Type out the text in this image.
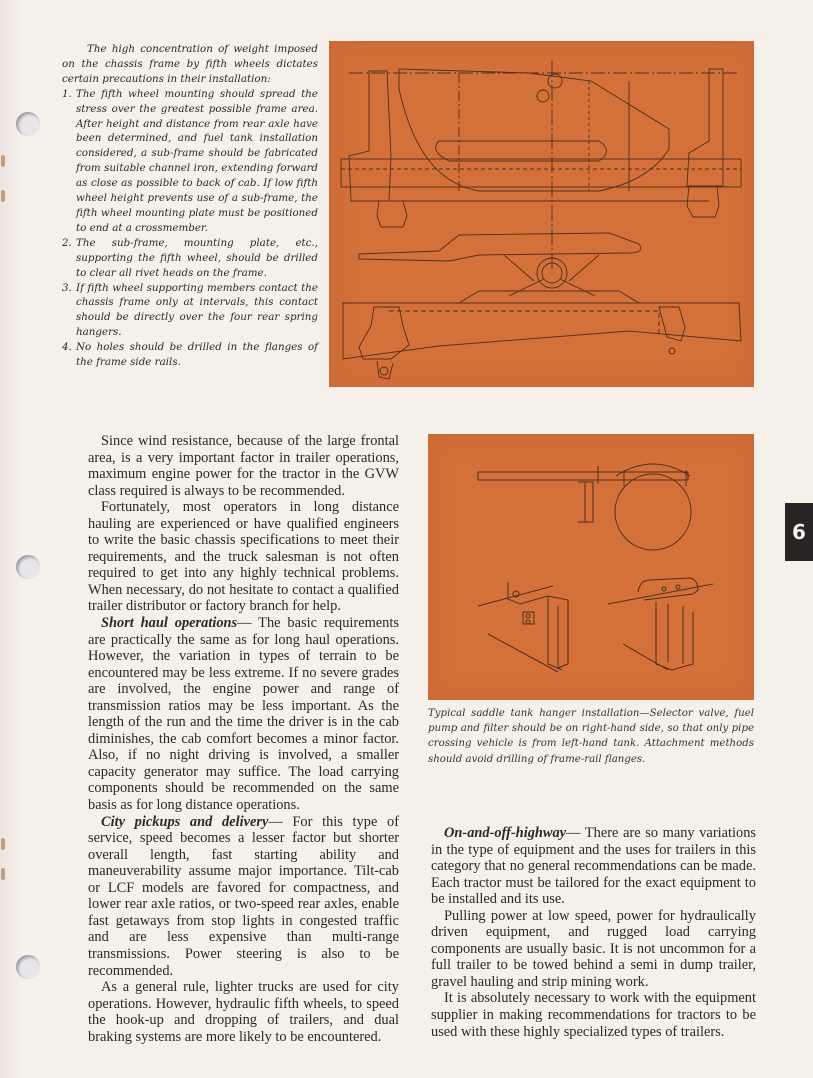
The high concentration of weight imposed on the chassis frame by fifth wheels dictates certain precautions in their installation:

1. The fifth wheel mounting should spread the stress over the greatest possible frame area. After height and distance from rear axle have been determined, and fuel tank installation considered, a sub-frame should be fabricated from suitable channel iron, extending forward as close as possible to back of cab. If low fifth wheel height prevents use of a sub-frame, the fifth wheel mounting plate must be positioned to end at a crossmember.
2. The sub-frame, mounting plate, etc., supporting the fifth wheel, should be drilled to clear all rivet heads on the frame.
3. If fifth wheel supporting members contact the chassis frame only at intervals, this contact should be directly over the four rear spring hangers.
4. No holes should be drilled in the flanges of the frame side rails.
Typical saddle tank hanger installation—Selector valve, fuel pump and filter should be on right-hand side, so that only pipe crossing vehicle is from left-hand tank. Attachment methods should avoid drilling of frame-rail flanges.

Since wind resistance, because of the large frontal area, is a very important factor in trailer operations, maximum engine power for the tractor in the GVW class required is always to be recommended.

Fortunately, most operators in long distance hauling are experienced or have qualified engineers to write the basic chassis specifications to meet their requirements, and the truck salesman is not often required to get into any highly technical problems. When necessary, do not hesitate to contact a qualified trailer distributor or factory branch for help.

Short haul operations— The basic requirements are practically the same as for long haul operations. However, the variation in types of terrain to be encountered may be less extreme. If no severe grades are involved, the engine power and range of transmission ratios may be less important. As the length of the run and the time the driver is in the cab diminishes, the cab comfort becomes a minor factor. Also, if no night driving is involved, a smaller capacity generator may suffice. The load carrying components should be recommended on the same basis as for long distance operations.

City pickups and delivery— For this type of service, speed becomes a lesser factor but shorter overall length, fast starting ability and maneuverability assume major importance. Tilt-cab or LCF models are favored for compactness, and lower rear axle ratios, or two-speed rear axles, enable fast getaways from stop lights in congested traffic and are less expensive than multi-range transmissions. Power steering is also to be recommended.

As a general rule, lighter trucks are used for city operations. However, hydraulic fifth wheels, to speed the hook-up and dropping of trailers, and dual braking systems are more likely to be encountered.

On-and-off-highway— There are so many variations in the type of equipment and the uses for trailers in this category that no general recommendations can be made. Each tractor must be tailored for the exact equipment to be installed and its use.

Pulling power at low speed, power for hydraulically driven equipment, and rugged load carrying components are usually basic. It is not uncommon for a full trailer to be towed behind a semi in dump trailer, gravel hauling and strip mining work.

It is absolutely necessary to work with the equipment supplier in making recommendations for tractors to be used with these highly specialized types of trailers.

6
